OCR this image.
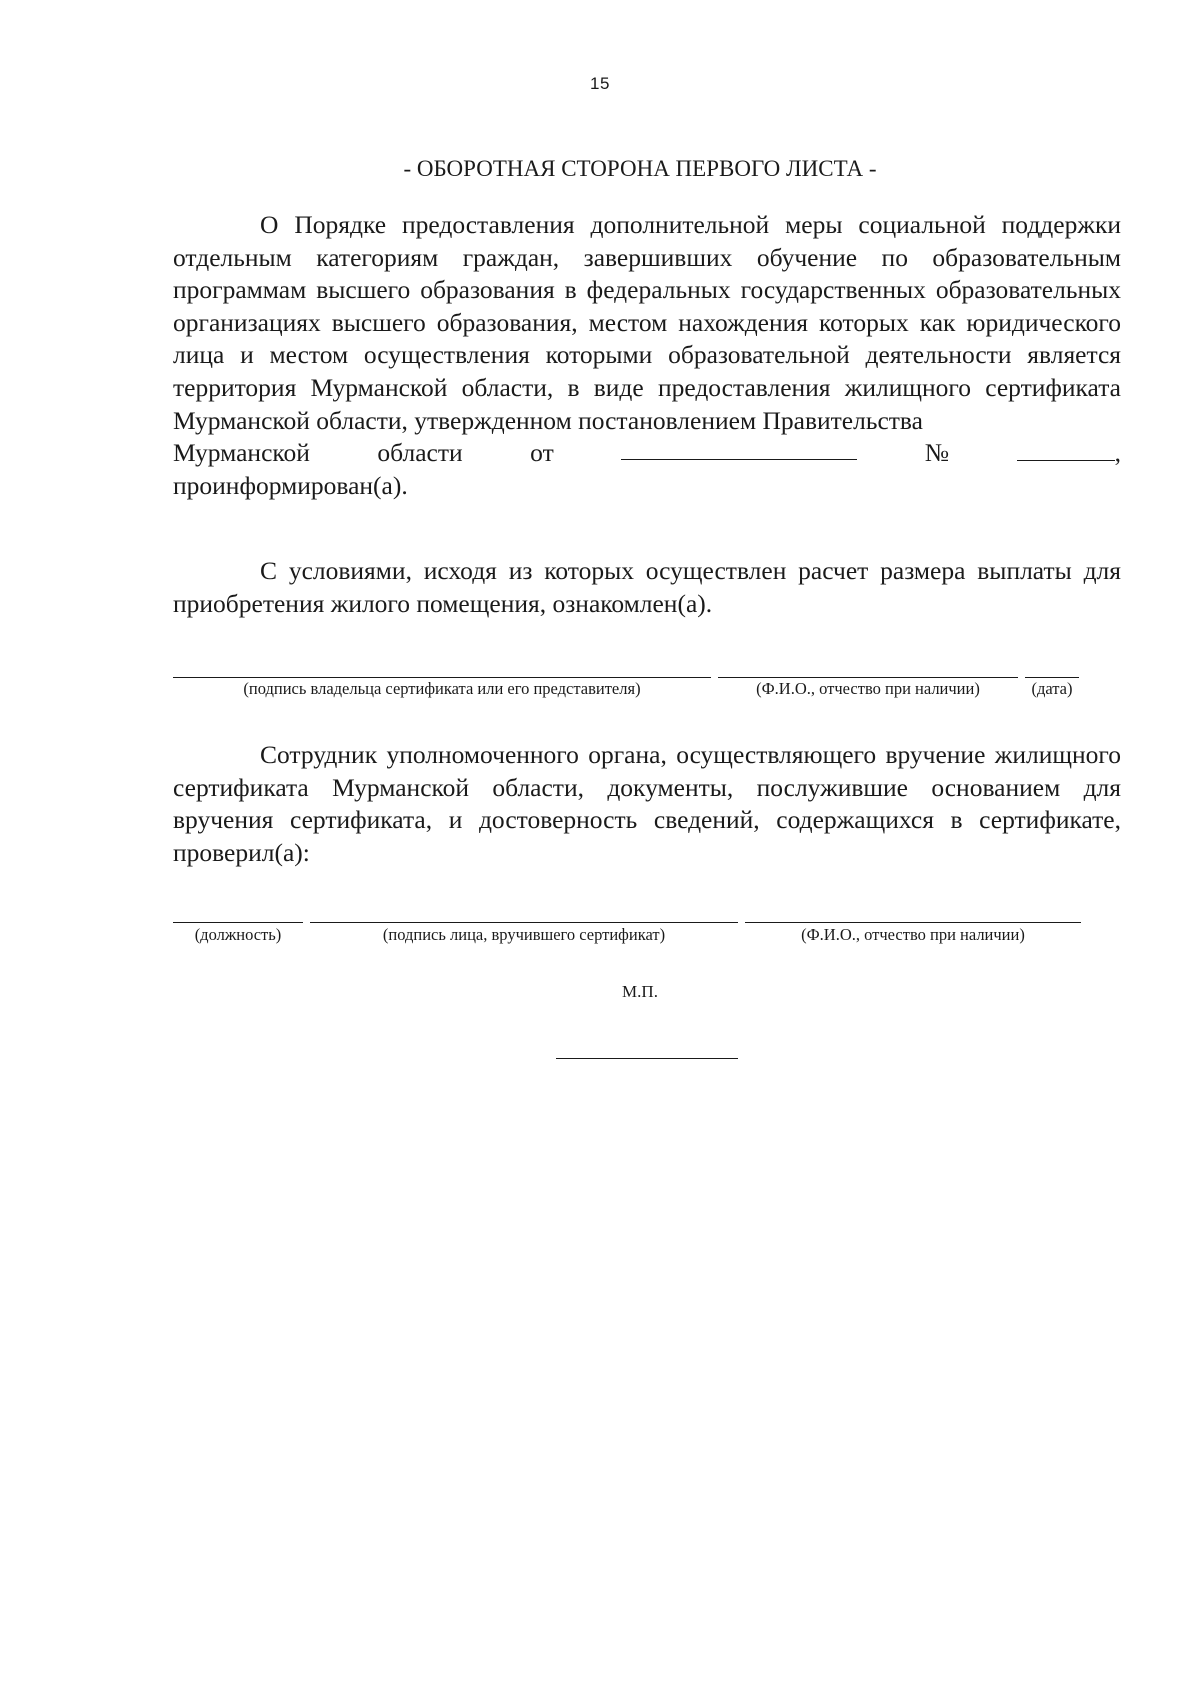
15
- ОБОРОТНАЯ СТОРОНА ПЕРВОГО ЛИСТА -
О Порядке предоставления дополнительной меры социальной поддержки отдельным категориям граждан, завершивших обучение по образовательным программам высшего образования в федеральных государственных образовательных организациях высшего образования, местом нахождения которых как юридического лица и местом осуществления которыми образовательной деятельности является территория Мурманской области, в виде предоставления жилищного сертификата Мурманской области, утвержденном постановлением Правительства
Мурманской	области	от	№	,
проинформирован(а).
С условиями, исходя из которых осуществлен расчет размера выплаты для приобретения жилого помещения, ознакомлен(а).
(подпись владельца сертификата или его представителя)	(Ф.И.О., отчество при наличии)	(дата)
Сотрудник уполномоченного органа, осуществляющего вручение жилищного сертификата Мурманской области, документы, послужившие основанием для вручения сертификата, и достоверность сведений, содержащихся в сертификате, проверил(а):
(должность)	(подпись лица, вручившего сертификат)	(Ф.И.О., отчество при наличии)
М.П.
